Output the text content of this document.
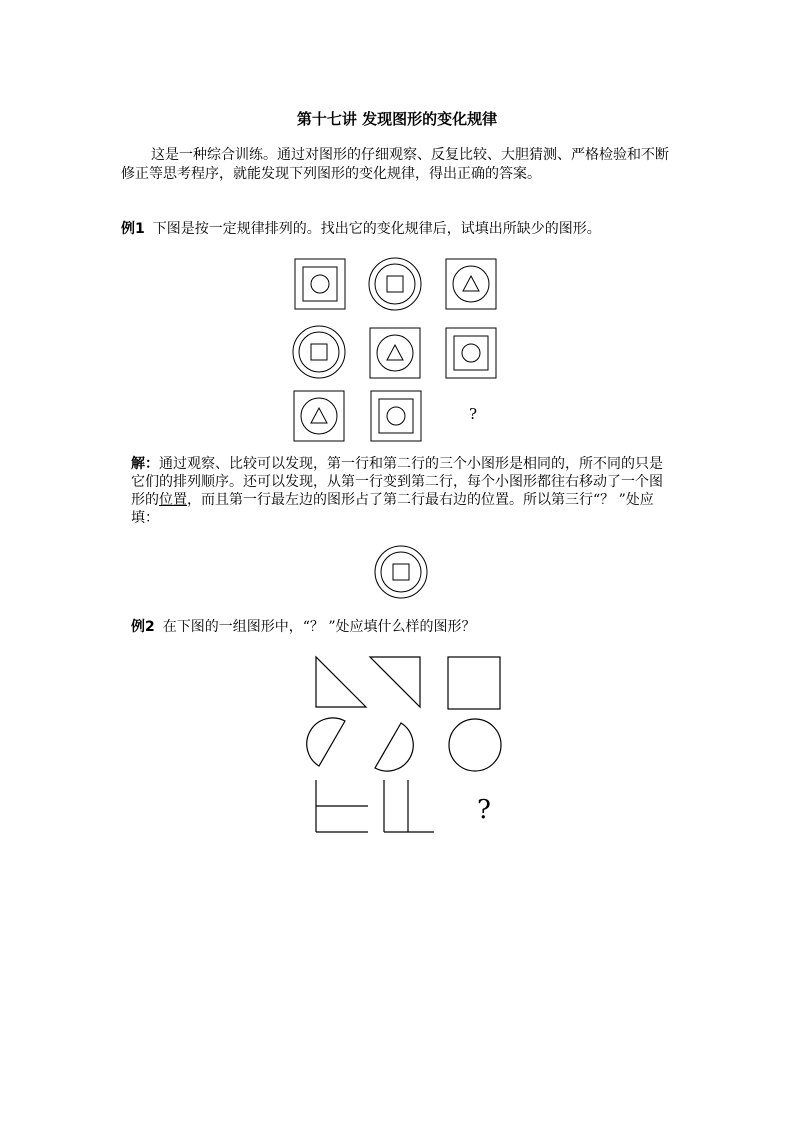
第十七讲 发现图形的变化规律
这是一种综合训练。通过对图形的仔细观察、反复比较、大胆猜测、严格检验和不断修正等思考程序，就能发现下列图形的变化规律，得出正确的答案。
例1 下图是按一定规律排列的。找出它的变化规律后，试填出所缺少的图形。
?
解：通过观察、比较可以发现，第一行和第二行的三个小图形是相同的，所不同的只是它们的排列顺序。还可以发现，从第一行变到第二行，每个小图形都往右移动了一个图形的位置，而且第一行最左边的图形占了第二行最右边的位置。所以第三行“？ ”处应填：
例2 在下图的一组图形中，“？ ”处应填什么样的图形？
?
